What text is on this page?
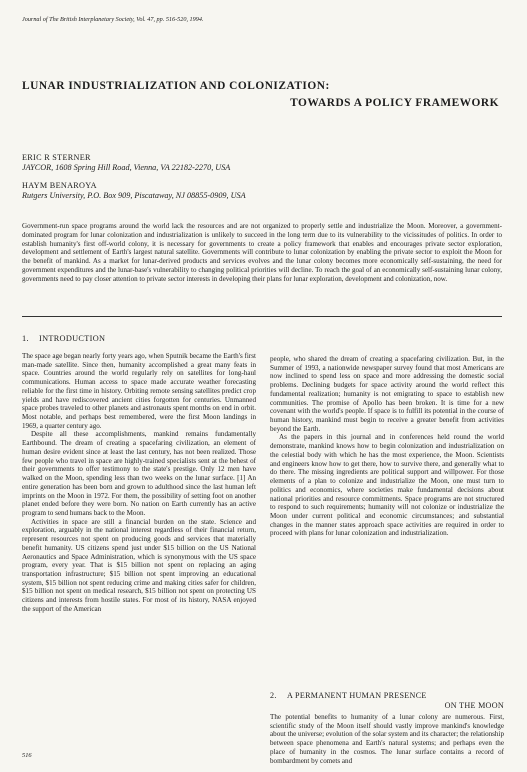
Journal of The British Interplanetary Society, Vol. 47, pp. 516-520, 1994.
LUNAR INDUSTRIALIZATION AND COLONIZATION:
TOWARDS A POLICY FRAMEWORK
ERIC R STERNER
JAYCOR, 1608 Spring Hill Road, Vienna, VA 22182-2270, USA
HAYM BENAROYA
Rutgers University, P.O. Box 909, Piscataway, NJ 08855-0909, USA
Government-run space programs around the world lack the resources and are not organized to properly settle and industrialize the Moon. Moreover, a government-dominated program for lunar colonization and industrialization is unlikely to succeed in the long term due to its vulnerability to the vicissitudes of politics. In order to establish humanity's first off-world colony, it is necessary for governments to create a policy framework that enables and encourages private sector exploration, development and settlement of Earth's largest natural satellite. Governments will contribute to lunar colonization by enabling the private sector to exploit the Moon for the benefit of mankind. As a market for lunar-derived products and services evolves and the lunar colony becomes more economically self-sustaining, the need for government expenditures and the lunar-base's vulnerability to changing political priorities will decline. To reach the goal of an economically self-sustaining lunar colony, governments need to pay closer attention to private sector interests in developing their plans for lunar exploration, development and colonization, now.
1. INTRODUCTION

The space age began nearly forty years ago, when Sputnik became the Earth's first man-made satellite. Since then, humanity accomplished a great many feats in space. Countries around the world regularly rely on satellites for long-haul communications. Human access to space made accurate weather forecasting reliable for the first time in history. Orbiting remote sensing satellites predict crop yields and have rediscovered ancient cities forgotten for centuries. Unmanned space probes traveled to other planets and astronauts spent months on end in orbit. Most notable, and perhaps best remembered, were the first Moon landings in 1969, a quarter century ago.

Despite all these accomplishments, mankind remains fundamentally Earthbound. The dream of creating a spacefaring civilization, an element of human desire evident since at least the last century, has not been realized. Those few people who travel in space are highly-trained specialists sent at the behest of their governments to offer testimony to the state's prestige. Only 12 men have walked on the Moon, spending less than two weeks on the lunar surface. [1] An entire generation has been born and grown to adulthood since the last human left imprints on the Moon in 1972. For them, the possibility of setting foot on another planet ended before they were born. No nation on Earth currently has an active program to send humans back to the Moon.

Activities in space are still a financial burden on the state. Science and exploration, arguably in the national interest regardless of their financial return, represent resources not spent on producing goods and services that materially benefit humanity. US citizens spend just under $15 billion on the US National Aeronautics and Space Administration, which is synonymous with the US space program, every year. That is $15 billion not spent on replacing an aging transportation infrastructure; $15 billion not spent improving an educational system, $15 billion not spent reducing crime and making cities safer for children, $15 billion not spent on medical research, $15 billion not spent on protecting US citizens and interests from hostile states. For most of its history, NASA enjoyed the support of the American

people, who shared the dream of creating a spacefaring civilization. But, in the Summer of 1993, a nationwide newspaper survey found that most Americans are now inclined to spend less on space and more addressing the domestic social problems. Declining budgets for space activity around the world reflect this fundamental realization; humanity is not emigrating to space to establish new communities. The promise of Apollo has been broken. It is time for a new covenant with the world's people. If space is to fulfill its potential in the course of human history, mankind must begin to receive a greater benefit from activities beyond the Earth.

As the papers in this journal and in conferences held round the world demonstrate, mankind knows how to begin colonization and industrialization on the celestial body with which he has the most experience, the Moon. Scientists and engineers know how to get there, how to survive there, and generally what to do there. The missing ingredients are political support and willpower. For those elements of a plan to colonize and industrialize the Moon, one must turn to politics and economics, where societies make fundamental decisions about national priorities and resource commitments. Space programs are not structured to respond to such requirements; humanity will not colonize or industrialize the Moon under current political and economic circumstances; and substantial changes in the manner states approach space activities are required in order to proceed with plans for lunar colonization and industrialization.

2. A PERMANENT HUMAN PRESENCE
ON THE MOON

The potential benefits to humanity of a lunar colony are numerous. First, scientific study of the Moon itself should vastly improve mankind's knowledge about the universe; evolution of the solar system and its character; the relationship between space phenomena and Earth's natural systems; and perhaps even the place of humanity in the cosmos. The lunar surface contains a record of bombardment by comets and

516
